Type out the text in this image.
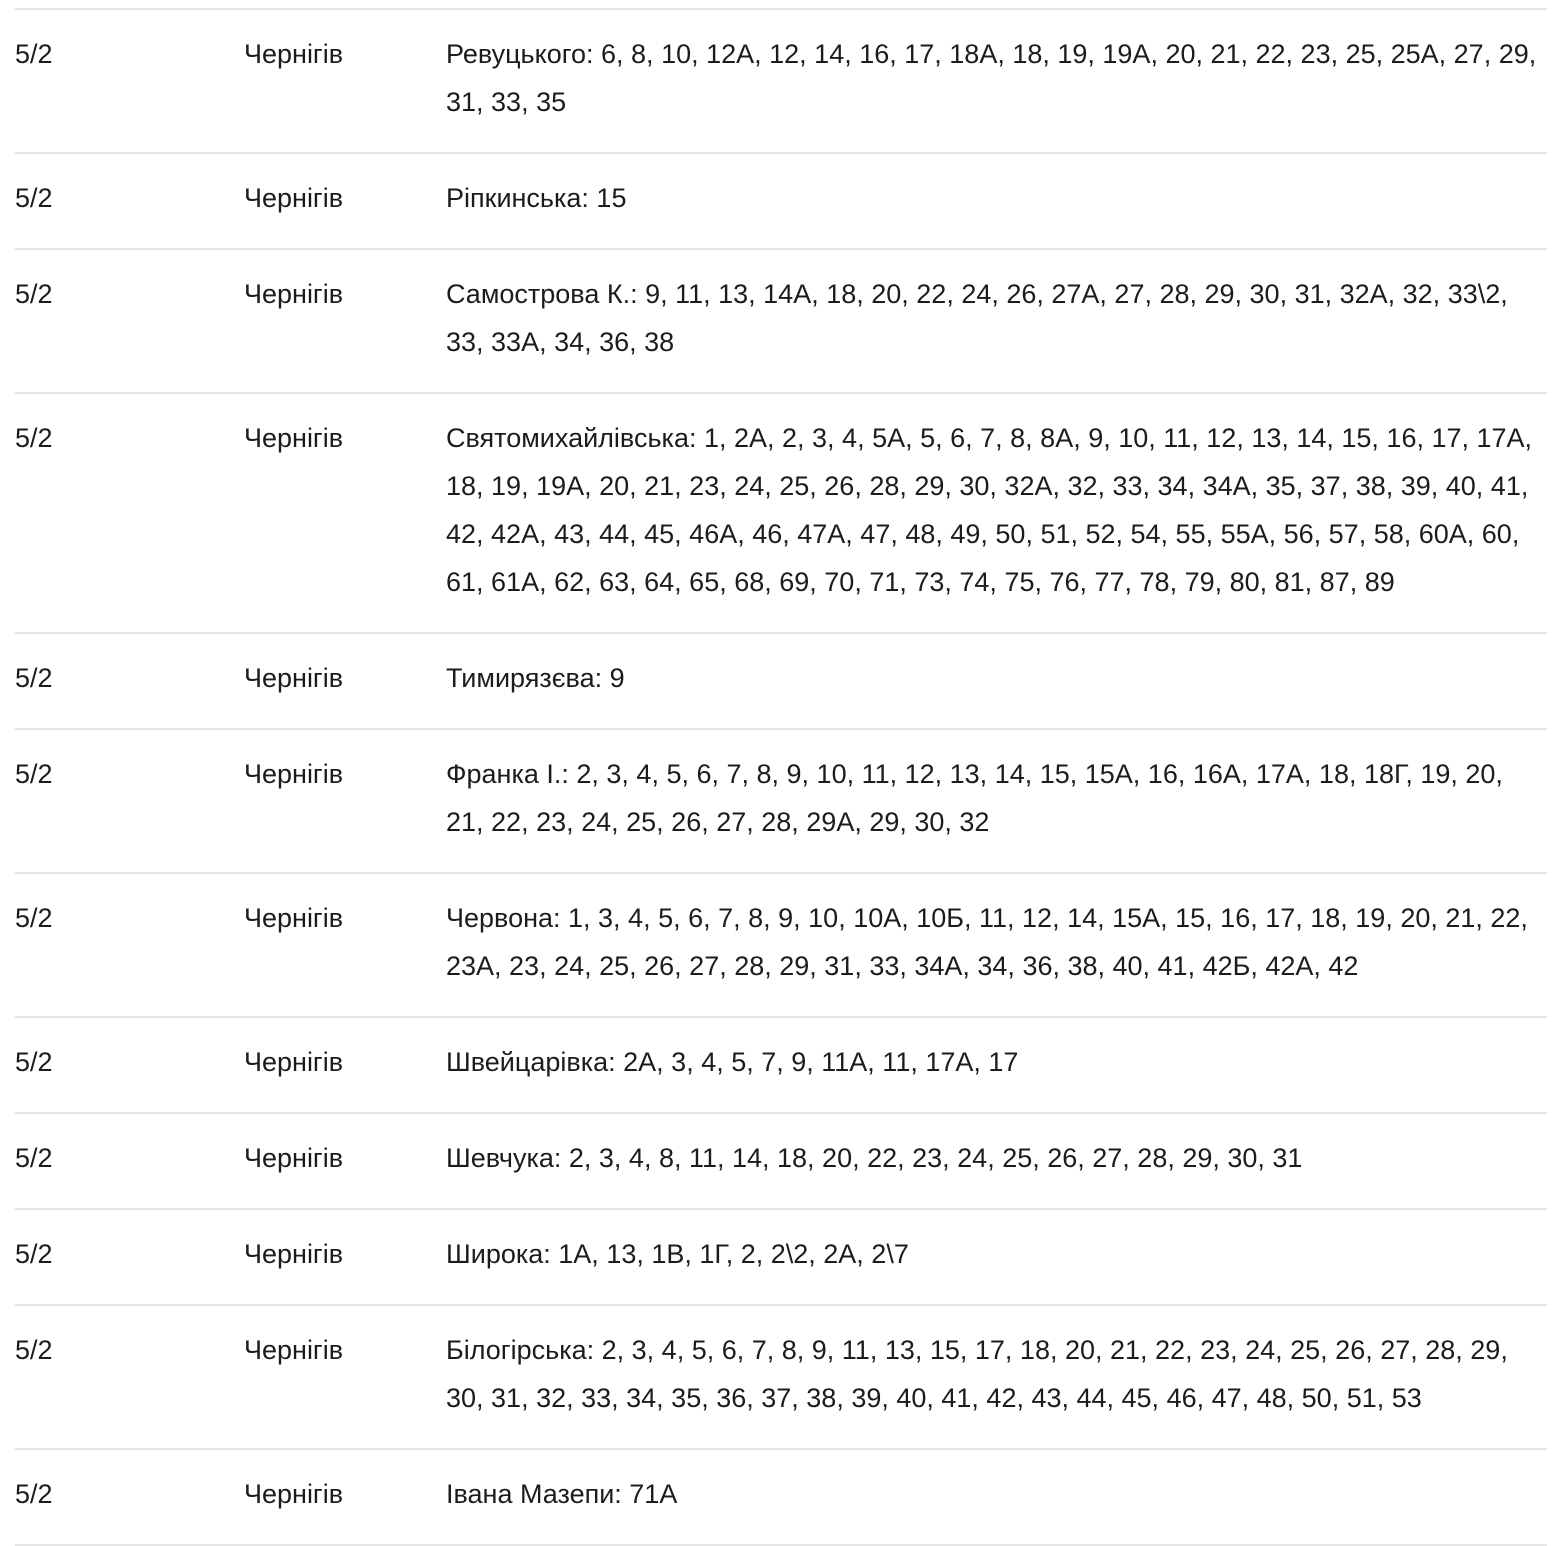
5/2	Чернігів	Ревуцького: 6, 8, 10, 12А, 12, 14, 16, 17, 18А, 18, 19, 19А, 20, 21, 22, 23, 25, 25А, 27, 29, 31, 33, 35
5/2	Чернігів	Ріпкинська: 15
5/2	Чернігів	Самострова К.: 9, 11, 13, 14А, 18, 20, 22, 24, 26, 27А, 27, 28, 29, 30, 31, 32А, 32, 33\2, 33, 33А, 34, 36, 38
5/2	Чернігів	Святомихайлівська: 1, 2А, 2, 3, 4, 5А, 5, 6, 7, 8, 8А, 9, 10, 11, 12, 13, 14, 15, 16, 17, 17А, 18, 19, 19А, 20, 21, 23, 24, 25, 26, 28, 29, 30, 32А, 32, 33, 34, 34А, 35, 37, 38, 39, 40, 41, 42, 42А, 43, 44, 45, 46А, 46, 47А, 47, 48, 49, 50, 51, 52, 54, 55, 55А, 56, 57, 58, 60А, 60, 61, 61А, 62, 63, 64, 65, 68, 69, 70, 71, 73, 74, 75, 76, 77, 78, 79, 80, 81, 87, 89
5/2	Чернігів	Тимирязєва: 9
5/2	Чернігів	Франка І.: 2, 3, 4, 5, 6, 7, 8, 9, 10, 11, 12, 13, 14, 15, 15А, 16, 16А, 17А, 18, 18Г, 19, 20, 21, 22, 23, 24, 25, 26, 27, 28, 29А, 29, 30, 32
5/2	Чернігів	Червона: 1, 3, 4, 5, 6, 7, 8, 9, 10, 10А, 10Б, 11, 12, 14, 15А, 15, 16, 17, 18, 19, 20, 21, 22, 23А, 23, 24, 25, 26, 27, 28, 29, 31, 33, 34А, 34, 36, 38, 40, 41, 42Б, 42А, 42
5/2	Чернігів	Швейцарівка: 2А, 3, 4, 5, 7, 9, 11А, 11, 17А, 17
5/2	Чернігів	Шевчука: 2, 3, 4, 8, 11, 14, 18, 20, 22, 23, 24, 25, 26, 27, 28, 29, 30, 31
5/2	Чернігів	Широка: 1А, 13, 1В, 1Г, 2, 2\2, 2А, 2\7
5/2	Чернігів	Білогірська: 2, 3, 4, 5, 6, 7, 8, 9, 11, 13, 15, 17, 18, 20, 21, 22, 23, 24, 25, 26, 27, 28, 29, 30, 31, 32, 33, 34, 35, 36, 37, 38, 39, 40, 41, 42, 43, 44, 45, 46, 47, 48, 50, 51, 53
5/2	Чернігів	Івана Мазепи: 71А
